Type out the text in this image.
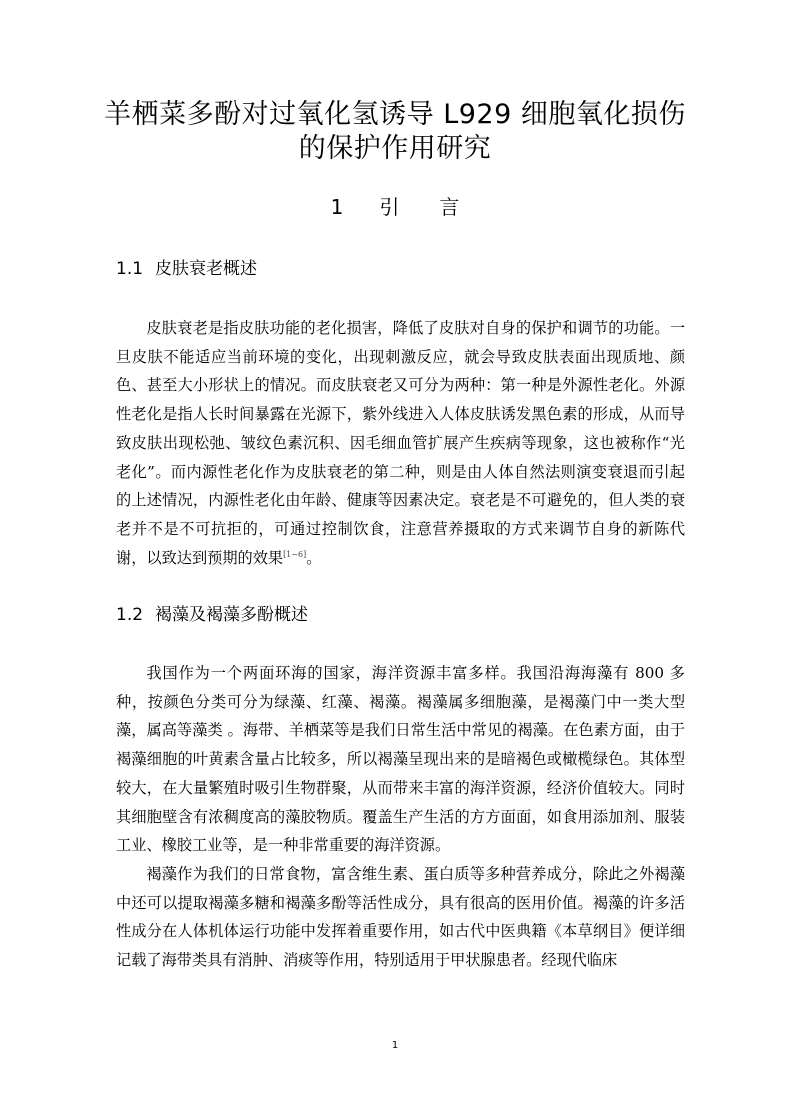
羊栖菜多酚对过氧化氢诱导 L929 细胞氧化损伤的保护作用研究
1 引　　言
1.1 皮肤衰老概述

皮肤衰老是指皮肤功能的老化损害，降低了皮肤对自身的保护和调节的功能。一旦皮肤不能适应当前环境的变化，出现刺激反应，就会导致皮肤表面出现质地、颜色、甚至大小形状上的情况。而皮肤衰老又可分为两种：第一种是外源性老化。外源性老化是指人长时间暴露在光源下，紫外线进入人体皮肤诱发黑色素的形成，从而导致皮肤出现松弛、皱纹色素沉积、因毛细血管扩展产生疾病等现象，这也被称作“光老化”。而内源性老化作为皮肤衰老的第二种，则是由人体自然法则演变衰退而引起的上述情况，内源性老化由年龄、健康等因素决定。衰老是不可避免的，但人类的衰老并不是不可抗拒的，可通过控制饮食，注意营养摄取的方式来调节自身的新陈代谢，以致达到预期的效果[1~6]。

1.2 褐藻及褐藻多酚概述

我国作为一个两面环海的国家，海洋资源丰富多样。我国沿海海藻有 800 多种，按颜色分类可分为绿藻、红藻、褐藻。褐藻属多细胞藻，是褐藻门中一类大型藻，属高等藻类 。海带、羊栖菜等是我们日常生活中常见的褐藻。在色素方面，由于褐藻细胞的叶黄素含量占比较多，所以褐藻呈现出来的是暗褐色或橄榄绿色。其体型较大，在大量繁殖时吸引生物群聚，从而带来丰富的海洋资源，经济价值较大。同时其细胞壁含有浓稠度高的藻胶物质。覆盖生产生活的方方面面，如食用添加剂、服装工业、橡胶工业等，是一种非常重要的海洋资源。

褐藻作为我们的日常食物，富含维生素、蛋白质等多种营养成分，除此之外褐藻中还可以提取褐藻多糖和褐藻多酚等活性成分，具有很高的医用价值。褐藻的许多活性成分在人体机体运行功能中发挥着重要作用，如古代中医典籍《本草纲目》便详细记载了海带类具有消肿、消痰等作用，特别适用于甲状腺患者。经现代临床

1
